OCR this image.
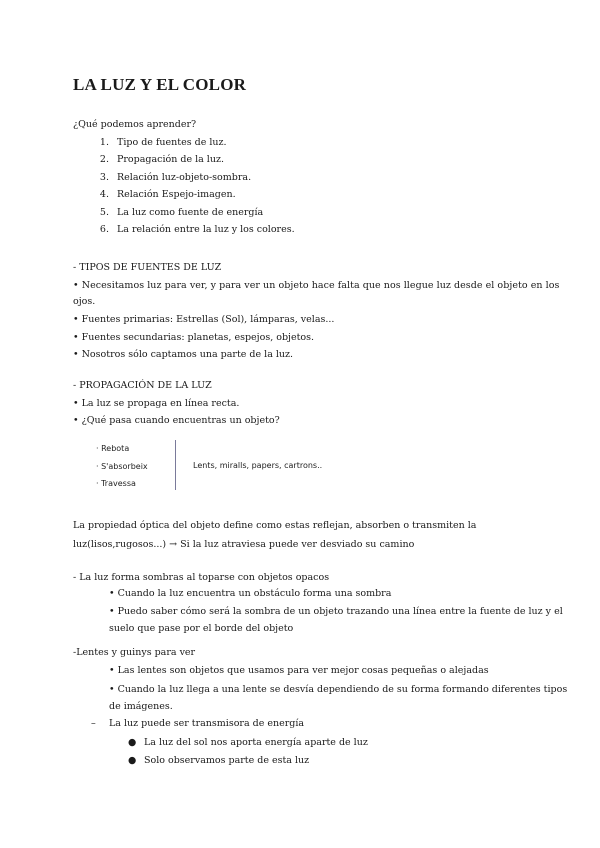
LA LUZ Y EL COLOR
¿Qué podemos aprender?
1. Tipo de fuentes de luz.
2. Propagación de la luz.
3. Relación luz-objeto-sombra.
4. Relación Espejo-imagen.
5. La luz como fuente de energía
6. La relación entre la luz y los colores.
- TIPOS DE FUENTES DE LUZ
• Necesitamos luz para ver, y para ver un objeto hace falta que nos llegue luz desde el objeto en los
ojos.
• Fuentes primarias: Estrellas (Sol), lámparas, velas...
• Fuentes secundarias: planetas, espejos, objetos.
• Nosotros sólo captamos una parte de la luz.
- PROPAGACIÓN DE LA LUZ
• La luz se propaga en línea recta.
• ¿Qué pasa cuando encuentras un objeto?
· Rebota
· S'absorbeix
· Travessa
Lents, miralls, papers, cartrons..
La propiedad óptica del objeto define como estas reflejan, absorben o transmiten la
luz(lisos,rugosos...) → Si la luz atraviesa puede ver desviado su camino
- La luz forma sombras al toparse con objetos opacos
• Cuando la luz encuentra un obstáculo forma una sombra
• Puedo saber cómo será la sombra de un objeto trazando una línea entre la fuente de luz y el
suelo que pase por el borde del objeto
-Lentes y guinys para ver
• Las lentes son objetos que usamos para ver mejor cosas pequeñas o alejadas
• Cuando la luz llega a una lente se desvía dependiendo de su forma formando diferentes tipos
de imágenes.
– La luz puede ser transmisora de energía
● La luz del sol nos aporta energía aparte de luz
● Solo observamos parte de esta luz
